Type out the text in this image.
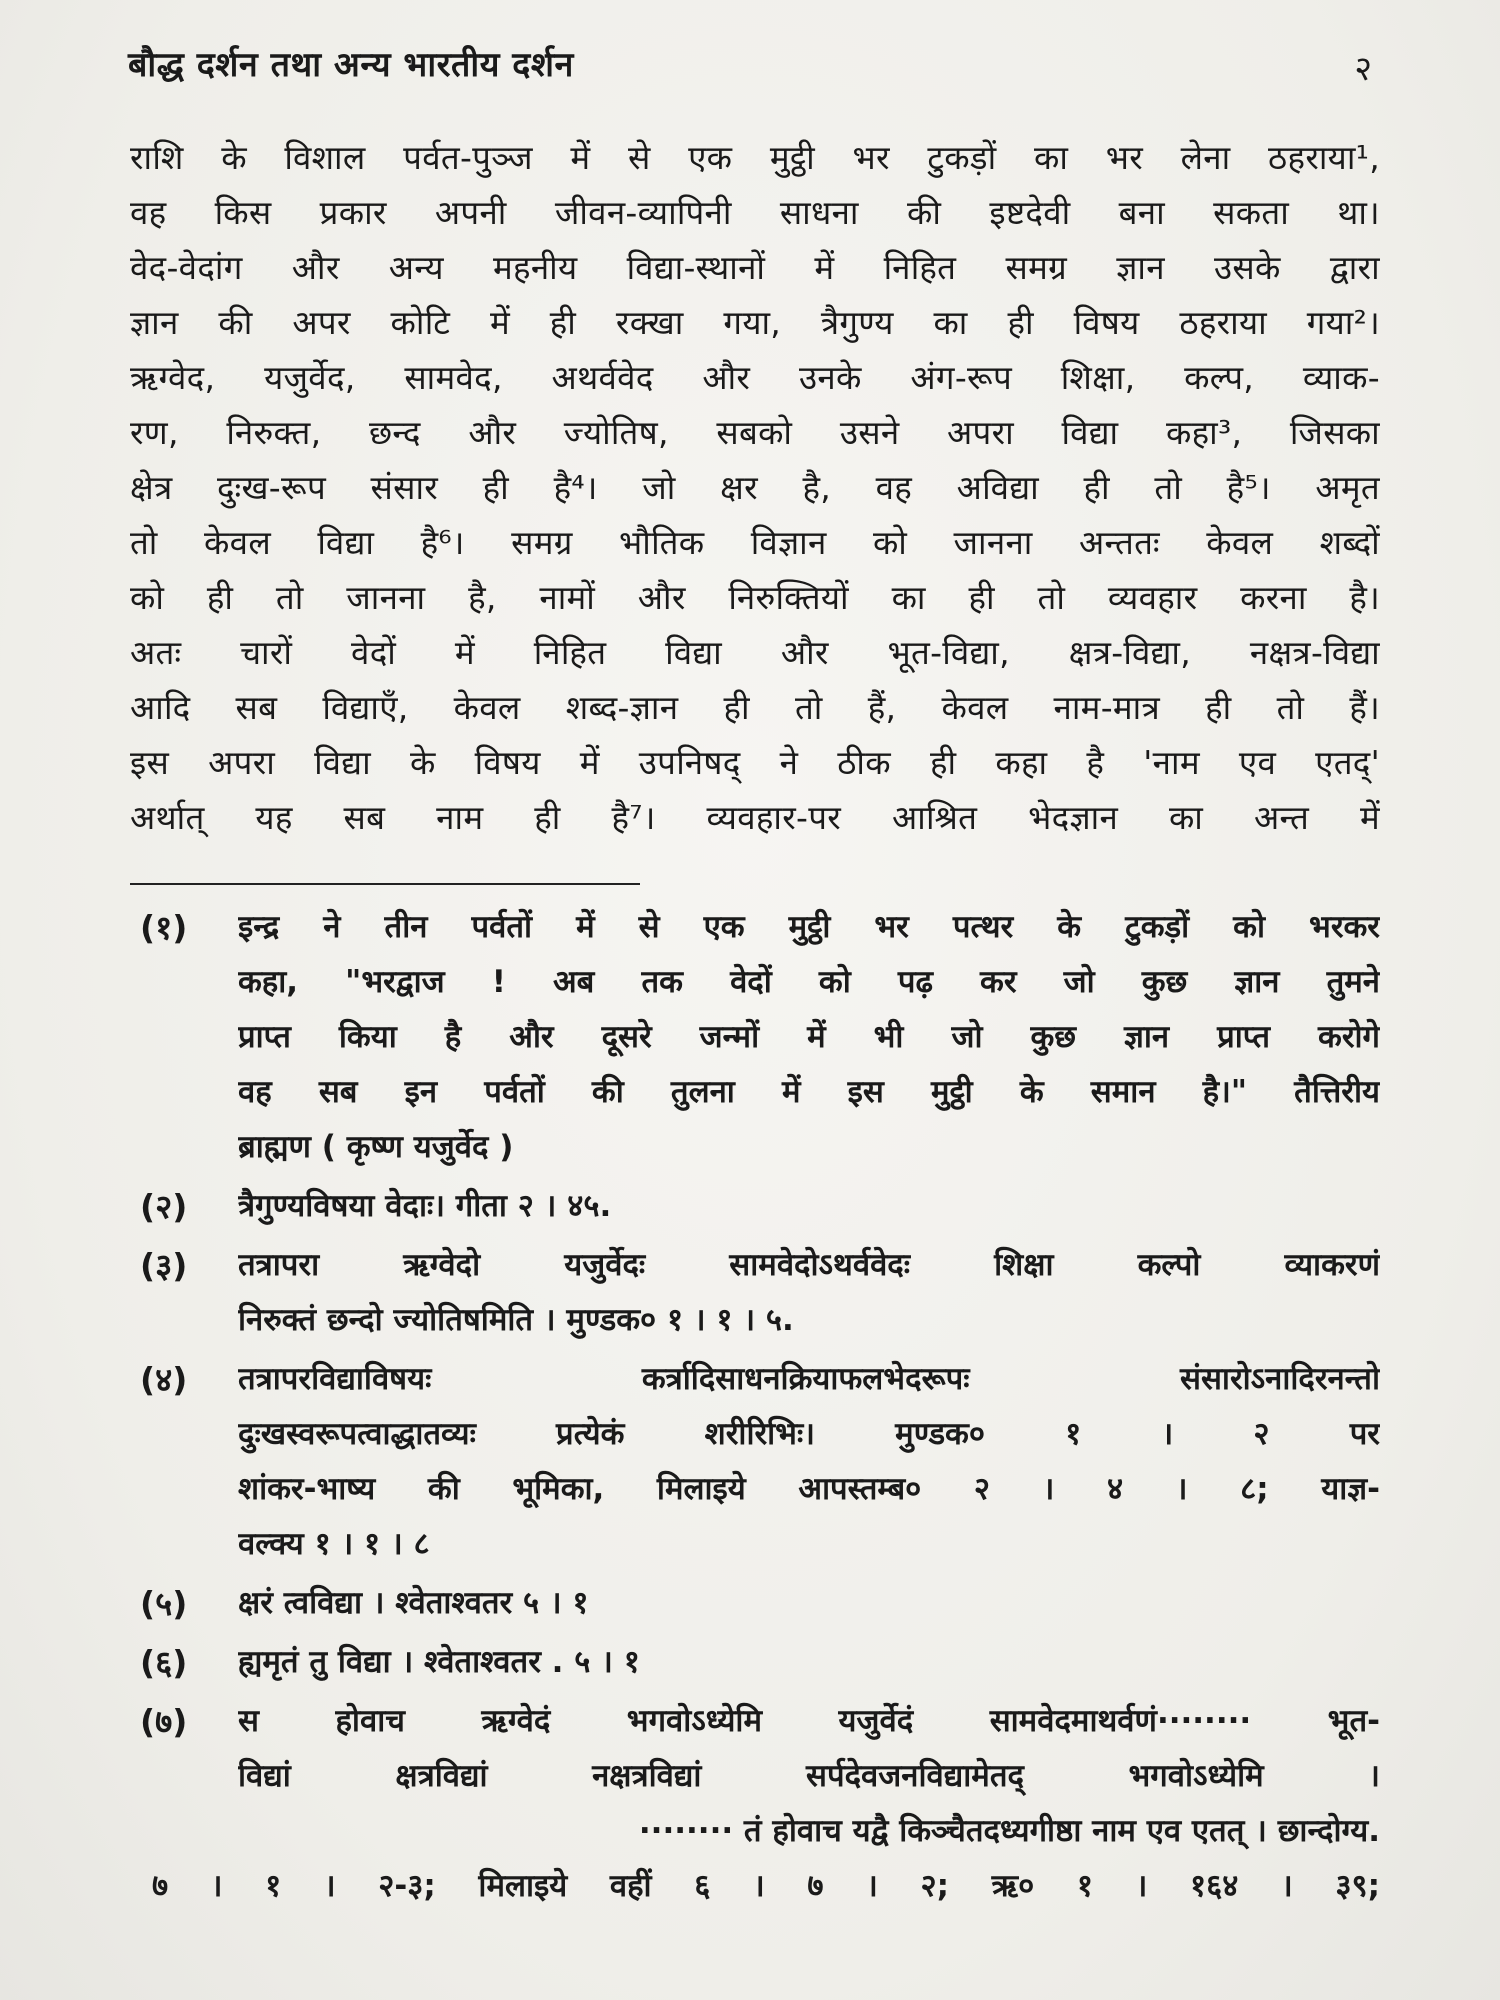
बौद्ध दर्शन तथा अन्य भारतीय दर्शन	२
राशि के विशाल पर्वत-पुञ्ज में से एक मुट्ठी भर टुकड़ों का भर लेना ठहराया¹,
वह किस प्रकार अपनी जीवन-व्यापिनी साधना की इष्टदेवी बना सकता था।
वेद-वेदांग और अन्य महनीय विद्या-स्थानों में निहित समग्र ज्ञान उसके द्वारा
ज्ञान की अपर कोटि में ही रक्खा गया, त्रैगुण्य का ही विषय ठहराया गया²।
ऋग्वेद, यजुर्वेद, सामवेद, अथर्ववेद और उनके अंग-रूप शिक्षा, कल्प, व्याक-
रण, निरुक्त, छन्द और ज्योतिष, सबको उसने अपरा विद्या कहा³, जिसका
क्षेत्र दुःख-रूप संसार ही है⁴। जो क्षर है, वह अविद्या ही तो है⁵। अमृत
तो केवल विद्या है⁶। समग्र भौतिक विज्ञान को जानना अन्ततः केवल शब्दों
को ही तो जानना है, नामों और निरुक्तियों का ही तो व्यवहार करना है।
अतः चारों वेदों में निहित विद्या और भूत-विद्या, क्षत्र-विद्या, नक्षत्र-विद्या
आदि सब विद्याएँ, केवल शब्द-ज्ञान ही तो हैं, केवल नाम-मात्र ही तो हैं।
इस अपरा विद्या के विषय में उपनिषद् ने ठीक ही कहा है 'नाम एव एतद्'
अर्थात् यह सब नाम ही है⁷। व्यवहार-पर आश्रित भेदज्ञान का अन्त में
(१) इन्द्र ने तीन पर्वतों में से एक मुट्ठी भर पत्थर के टुकड़ों को भरकर
कहा, "भरद्वाज ! अब तक वेदों को पढ़ कर जो कुछ ज्ञान तुमने
प्राप्त किया है और दूसरे जन्मों में भी जो कुछ ज्ञान प्राप्त करोगे
वह सब इन पर्वतों की तुलना में इस मुट्ठी के समान है।" तैत्तिरीय
ब्राह्मण ( कृष्ण यजुर्वेद )
(२) त्रैगुण्यविषया वेदाः। गीता २ । ४५.
(३) तत्रापरा ऋग्वेदो यजुर्वेदः सामवेदोऽथर्ववेदः शिक्षा कल्पो व्याकरणं
निरुक्तं छन्दो ज्योतिषमिति । मुण्डक० १ । १ । ५.
(४) तत्रापरविद्याविषयः कर्त्रादिसाधनक्रियाफलभेदरूपः संसारोऽनादिरनन्तो
दुःखस्वरूपत्वाद्धातव्यः प्रत्येकं शरीरिभिः। मुण्डक० १ । २ पर
शांकर-भाष्य की भूमिका, मिलाइये आपस्तम्ब० २ । ४ । ८; याज्ञ-
वल्क्य १ । १ । ८
(५) क्षरं त्वविद्या । श्वेताश्वतर ५ । १
(६) ह्यमृतं तु विद्या । श्वेताश्वतर . ५ । १
(७) स होवाच ऋग्वेदं भगवोऽध्येमि यजुर्वेदं सामवेदमाथर्वणं········ भूत-
विद्यां क्षत्रविद्यां नक्षत्रविद्यां सर्पदेवजनविद्यामेतद् भगवोऽध्येमि ।
········ तं होवाच यद्वै किञ्चैतदध्यगीष्ठा नाम एव एतत् । छान्दोग्य.
७ । १ । २-३; मिलाइये वहीं ६ । ७ । २; ऋ० १ । १६४ । ३९;
